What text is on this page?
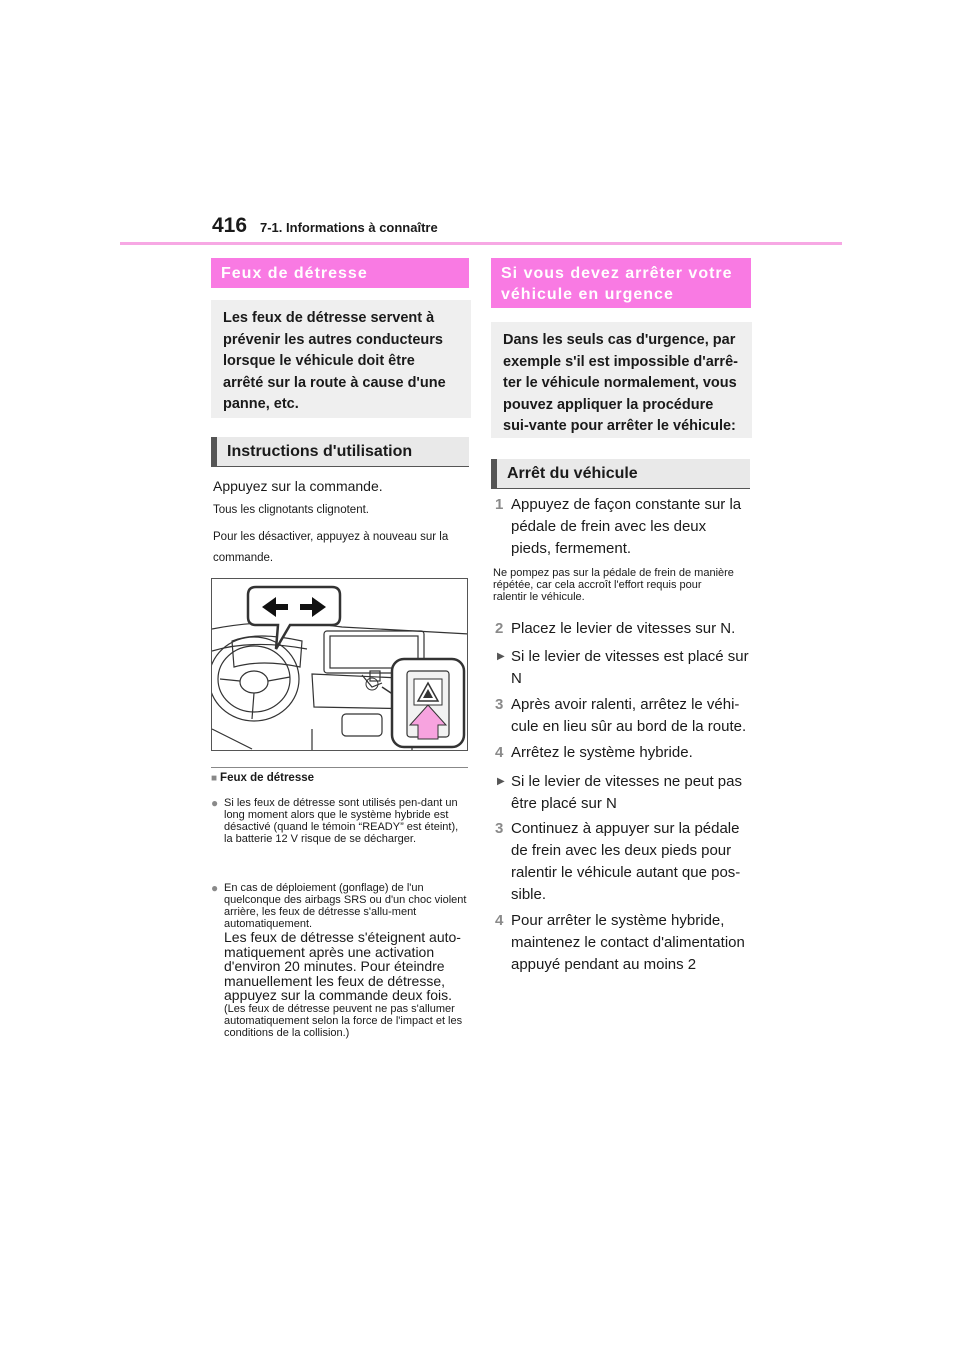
416 7-1. Informations à connaître
Feux de détresse
Les feux de détresse servent à prévenir les autres conducteurs lorsque le véhicule doit être arrêté sur la route à cause d'une panne, etc.
Instructions d'utilisation
Appuyez sur la commande.
Tous les clignotants clignotent.
Pour les désactiver, appuyez à nouveau sur la commande.
■ Feux de détresse
● Si les feux de détresse sont utilisés pen-dant un long moment alors que le système hybride est désactivé (quand le témoin “READY” est éteint), la batterie 12 V risque de se décharger.
● En cas de déploiement (gonflage) de l'un quelconque des airbags SRS ou d'un choc violent arrière, les feux de détresse s'allu-ment automatiquement.
Les feux de détresse s'éteignent auto-matiquement après une activation d'environ 20 minutes. Pour éteindre manuellement les feux de détresse, appuyez sur la commande deux fois.
(Les feux de détresse peuvent ne pas s'allumer automatiquement selon la force de l'impact et les conditions de la collision.)
Si vous devez arrêter votre
véhicule en urgence
Dans les seuls cas d'urgence, par exemple s'il est impossible d'arrê-ter le véhicule normalement, vous pouvez appliquer la procédure sui-vante pour arrêter le véhicule:
Arrêt du véhicule
1 Appuyez de façon constante sur la pédale de frein avec les deux pieds, fermement.
Ne pompez pas sur la pédale de frein de manière répétée, car cela accroît l'effort requis pour ralentir le véhicule.
2 Placez le levier de vitesses sur N.
▶ Si le levier de vitesses est placé sur N
3 Après avoir ralenti, arrêtez le véhi-cule en lieu sûr au bord de la route.
4 Arrêtez le système hybride.
▶ Si le levier de vitesses ne peut pas être placé sur N
3 Continuez à appuyer sur la pédale de frein avec les deux pieds pour ralentir le véhicule autant que pos-sible.
4 Pour arrêter le système hybride, maintenez le contact d'alimentation appuyé pendant au moins 2
